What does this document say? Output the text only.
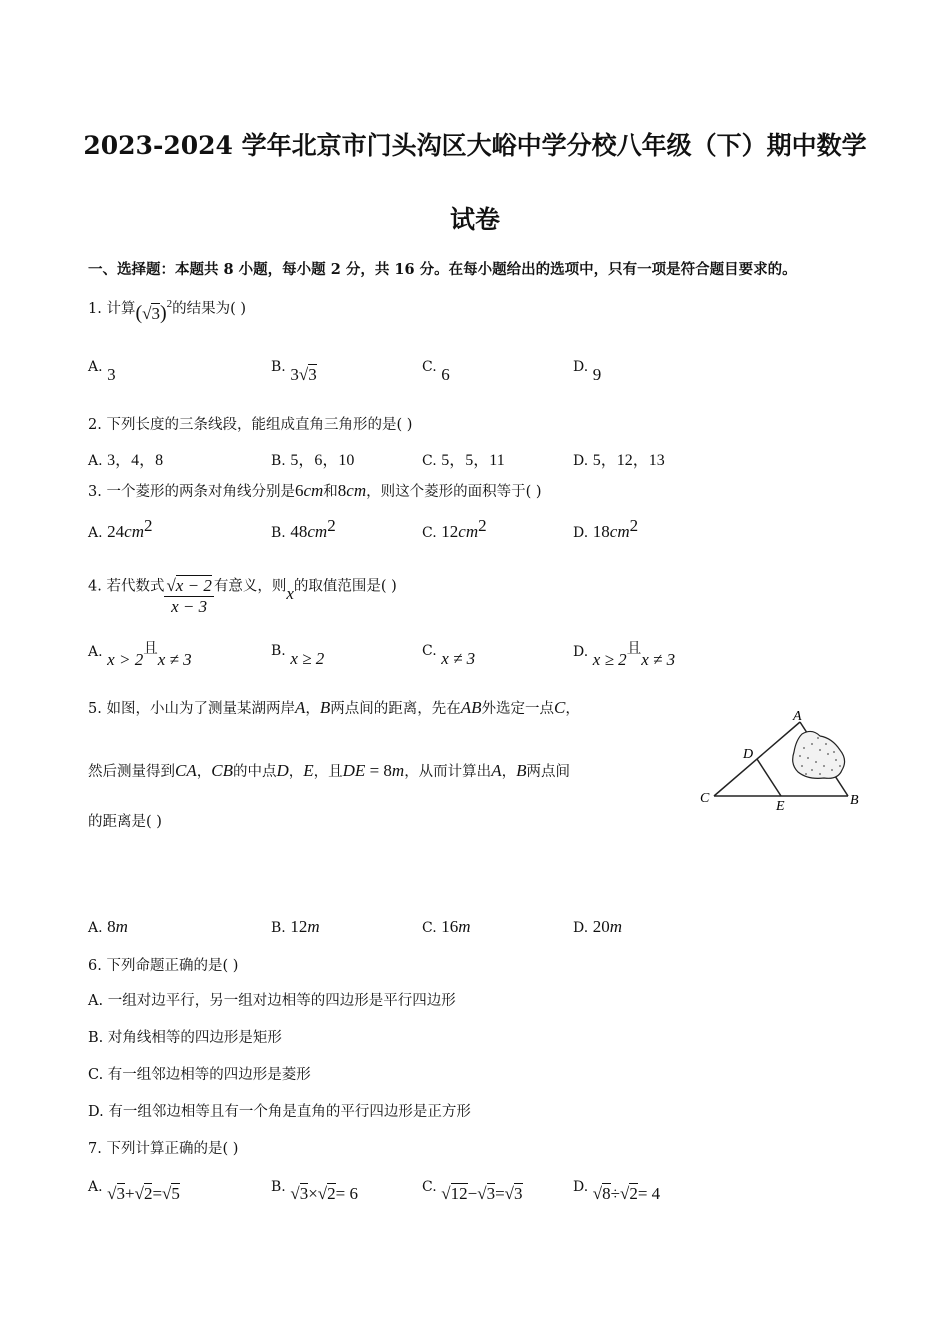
2023-2024 学年北京市门头沟区大峪中学分校八年级（下）期中数学
试卷
一、选择题：本题共 8 小题，每小题 2 分，共 16 分。在每小题给出的选项中，只有一项是符合题目要求的。
1. 计算$(√3)^2$的结果为( )
A. 3	B. 3√3	C. 6	D. 9
2. 下列长度的三条线段，能组成直角三角形的是( )
A. 3，4，8	B. 5，6，10	C. 5，5，11	D. 5，12，13
3. 一个菱形的两条对角线分别是6cm和8cm，则这个菱形的面积等于( )
A. $24cm^2$	B. $48cm^2$	C. $12cm^2$	D. $18cm^2$
4. 若代数式 $\frac{√x - 2}{x - 3}$ 有意义，则x的取值范围是( )
A. x > 2且x ≠ 3	B. x ≥ 2	C. x ≠ 3	D. x ≥ 2且x ≠ 3
5. 如图，小山为了测量某湖两岸A，B两点间的距离，先在AB外选定一点C，
然后测量得到CA，CB的中点D，E，且DE = 8m，从而计算出A，B两点间
的距离是( )
A
B
C
D
E
A. 8m	B. 12m	C. 16m	D. 20m
6. 下列命题正确的是( )
A. 一组对边平行，另一组对边相等的四边形是平行四边形
B. 对角线相等的四边形是矩形
C. 有一组邻边相等的四边形是菱形
D. 有一组邻边相等且有一个角是直角的平行四边形是正方形
7. 下列计算正确的是( )
A. √3+√2=√5	B. √3×√2= 6	C. √12−√3=√3	D. √8÷√2= 4
